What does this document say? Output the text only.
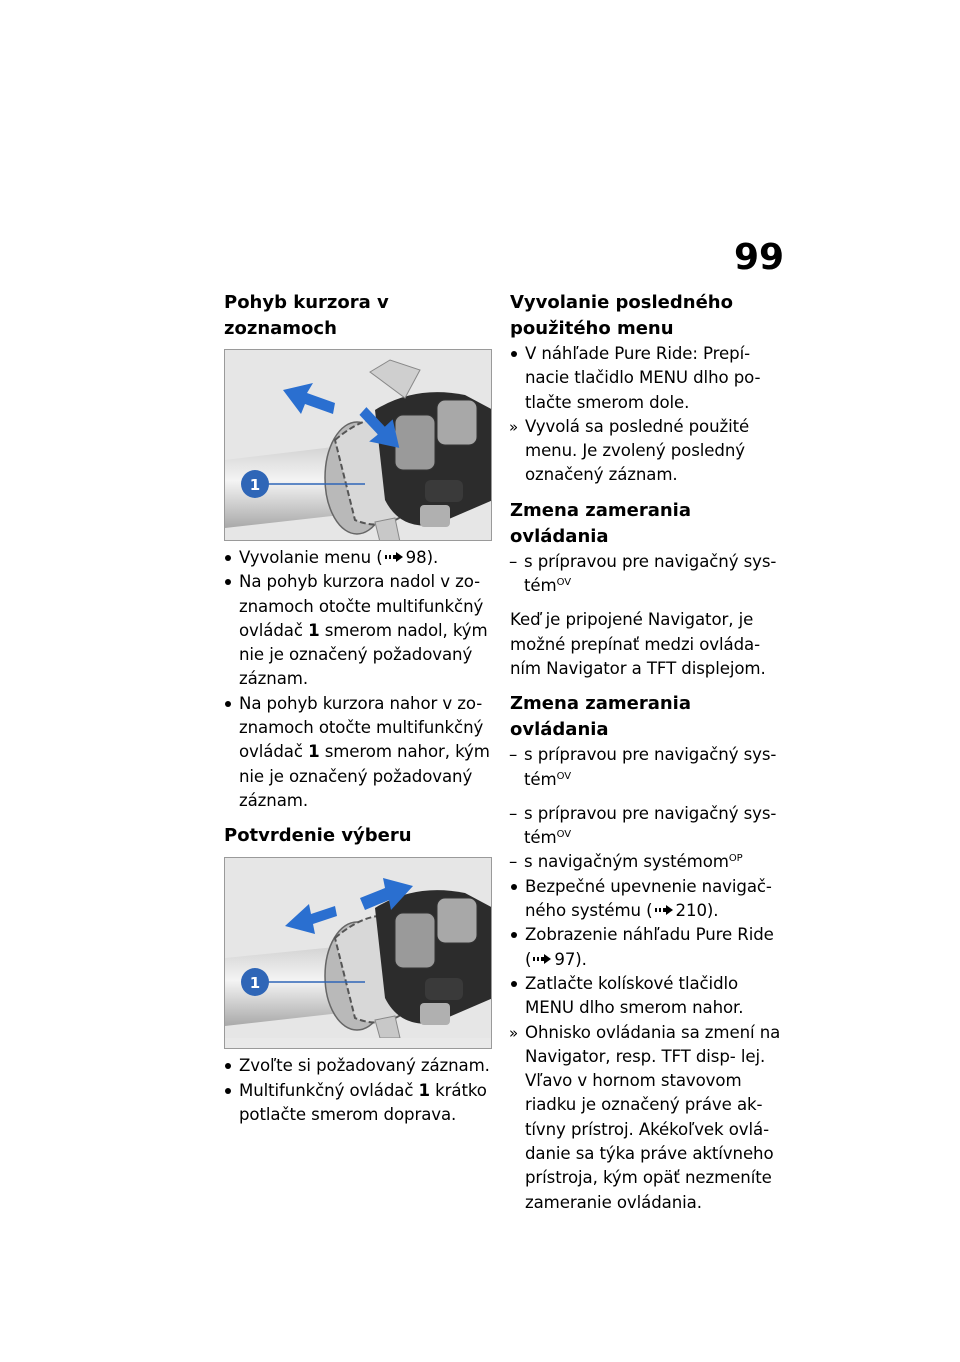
99
Pohyb kurzora v zoznamoch
1
Vyvolanie menu ( 98).
Na pohyb kurzora nadol v zo- znamoch otočte multifunkčný ovládač 1 smerom nadol, kým nie je označený požadovaný záznam.
Na pohyb kurzora nahor v zo- znamoch otočte multifunkčný ovládač 1 smerom nahor, kým nie je označený požadovaný záznam.
Potvrdenie výberu
1
Zvoľte si požadovaný záznam.
Multifunkčný ovládač 1 krátko potlačte smerom doprava.
Vyvolanie posledného použitého menu
V náhľade Pure Ride: Prepí- nacie tlačidlo MENU dlho po- tlačte smerom dole.
» Vyvolá sa posledné použité menu. Je zvolený posledný označený záznam.
Zmena zamerania ovládania
– s prípravou pre navigačný sys- tém$^{OV}$
Keď je pripojené Navigator, je možné prepínať medzi ovláda- ním Navigator a TFT displejom.
Zmena zamerania ovládania
– s prípravou pre navigačný sys- tém$^{OV}$
– s prípravou pre navigačný sys- tém$^{OV}$
– s navigačným systémom$^{OP}$
Bezpečné upevnenie navigač- ného systému ( 210).
Zobrazenie náhľadu Pure Ride ( 97).
Zatlačte kolískové tlačidlo MENU dlho smerom nahor.
» Ohnisko ovládania sa zmení na Navigator, resp. TFT disp- lej. Vľavo v hornom stavovom riadku je označený práve ak- tívny prístroj. Akékoľvek ovlá- danie sa týka práve aktívneho prístroja, kým opäť nezmeníte zameranie ovládania.
